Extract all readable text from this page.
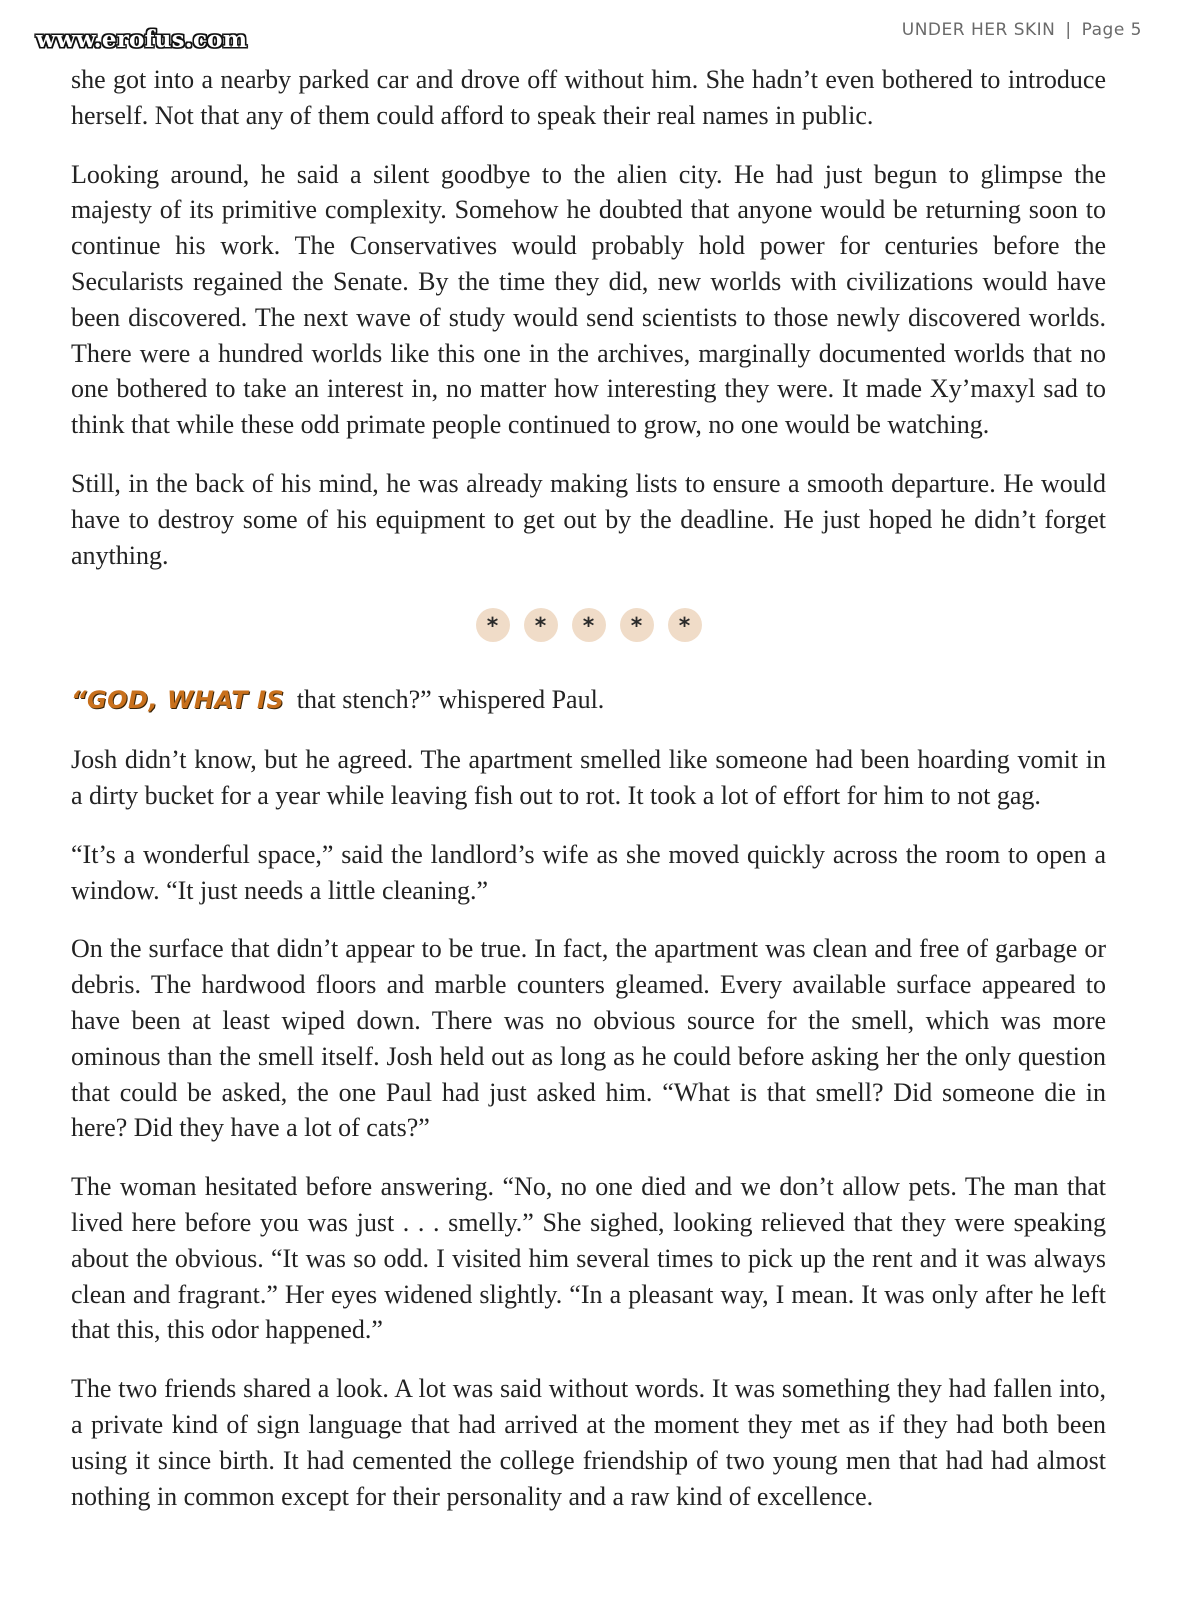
www.erofus.com	UNDER HER SKIN | Page 5

she got into a nearby parked car and drove off without him. She hadn’t even bothered to introduce herself. Not that any of them could afford to speak their real names in public.

Looking around, he said a silent goodbye to the alien city. He had just begun to glimpse the majesty of its primitive complexity. Somehow he doubted that anyone would be returning soon to continue his work. The Conservatives would probably hold power for centuries before the Secularists regained the Senate. By the time they did, new worlds with civilizations would have been discovered. The next wave of study would send scientists to those newly discovered worlds. There were a hundred worlds like this one in the archives, marginally documented worlds that no one bothered to take an interest in, no matter how interesting they were. It made Xy’maxyl sad to think that while these odd primate people continued to grow, no one would be watching.

Still, in the back of his mind, he was already making lists to ensure a smooth departure. He would have to destroy some of his equipment to get out by the deadline. He just hoped he didn’t forget anything.

*	*	*	*	*

“GOD, WHAT IS that stench?” whispered Paul.

Josh didn’t know, but he agreed. The apartment smelled like someone had been hoarding vomit in a dirty bucket for a year while leaving fish out to rot. It took a lot of effort for him to not gag.

“It’s a wonderful space,” said the landlord’s wife as she moved quickly across the room to open a window. “It just needs a little cleaning.”

On the surface that didn’t appear to be true. In fact, the apartment was clean and free of garbage or debris. The hardwood floors and marble counters gleamed. Every available surface appeared to have been at least wiped down. There was no obvious source for the smell, which was more ominous than the smell itself. Josh held out as long as he could before asking her the only question that could be asked, the one Paul had just asked him. “What is that smell? Did someone die in here? Did they have a lot of cats?”

The woman hesitated before answering. “No, no one died and we don’t allow pets. The man that lived here before you was just . . . smelly.” She sighed, looking relieved that they were speaking about the obvious. “It was so odd. I visited him several times to pick up the rent and it was always clean and fragrant.” Her eyes widened slightly. “In a pleasant way, I mean. It was only after he left that this, this odor happened.”

The two friends shared a look. A lot was said without words. It was something they had fallen into, a private kind of sign language that had arrived at the moment they met as if they had both been using it since birth. It had cemented the college friendship of two young men that had had almost nothing in common except for their personality and a raw kind of excellence.
